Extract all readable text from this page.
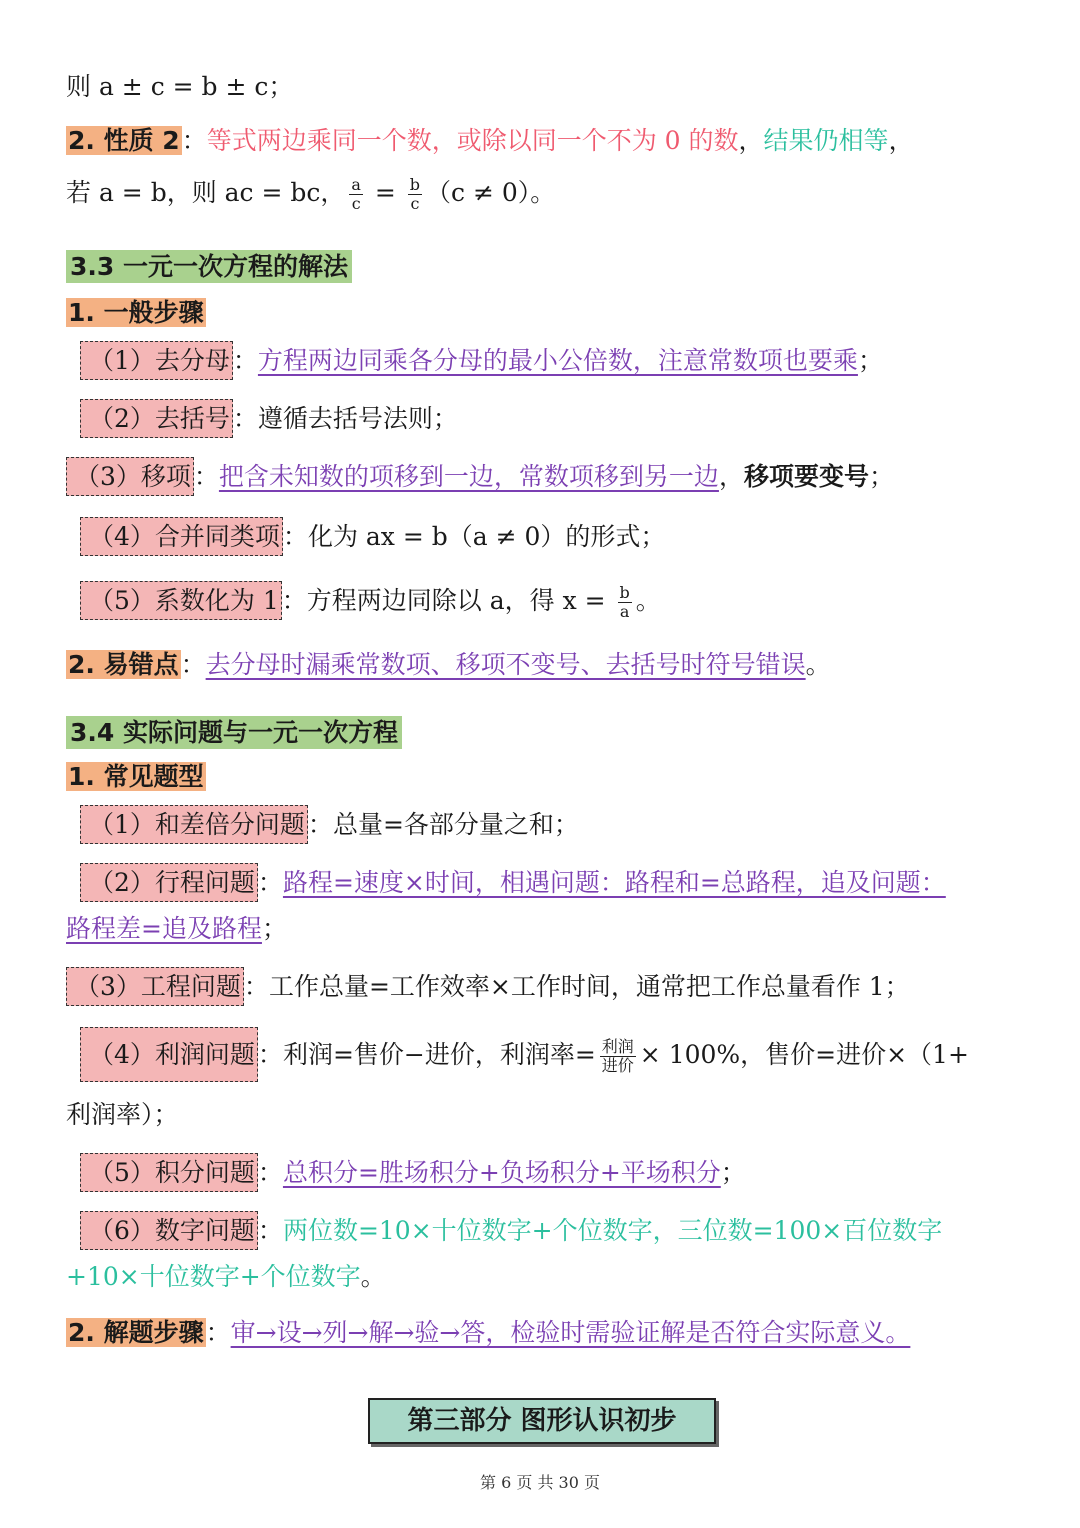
则 a ± c = b ± c；
2. 性质 2：等式两边乘同一个数，或除以同一个不为 0 的数，结果仍相等，
若 a = b，则 ac = bc， $\frac{a}{c} = \frac{b}{c} (c \ne 0)$。
3.3 一元一次方程的解法
1. 一般步骤
（1）去分母 ：方程两边同乘各分母的最小公倍数，注意常数项也要乘；
（2）去括号 ：遵循去括号法则；
（3）移项 ：把含未知数的项移到一边，常数项移到另一边，移项要变号；
（4）合并同类项 ：化为 ax = b（a ≠ 0）的形式；
（5）系数化为 1 ：方程两边同除以 a，得 $x = \frac{b}{a}$ 。
2. 易错点：去分母时漏乘常数项、移项不变号、去括号时符号错误。
3.4 实际问题与一元一次方程
1. 常见题型
（1）和差倍分问题 ：总量=各部分量之和；
（2）行程问题 ：路程=速度×时间，相遇问题：路程和=总路程，追及问题：
路程差=追及路程；
（3）工程问题 ：工作总量=工作效率×工作时间，通常把工作总量看作 1；
（4）利润问题 ：利润=售价−进价，利润率= $\frac{\text{利润}}{\text{进价}} \times 100\%$，售价=进价×（1+
利润率）；
（5）积分问题 ：总积分=胜场积分+负场积分+平场积分；
（6）数字问题 ：两位数=10×十位数字+个位数字，三位数=100×百位数字
+10×十位数字+个位数字。
2. 解题步骤：审→设→列→解→验→答，检验时需验证解是否符合实际意义。
第三部分 图形认识初步
第 6 页 共 30 页
